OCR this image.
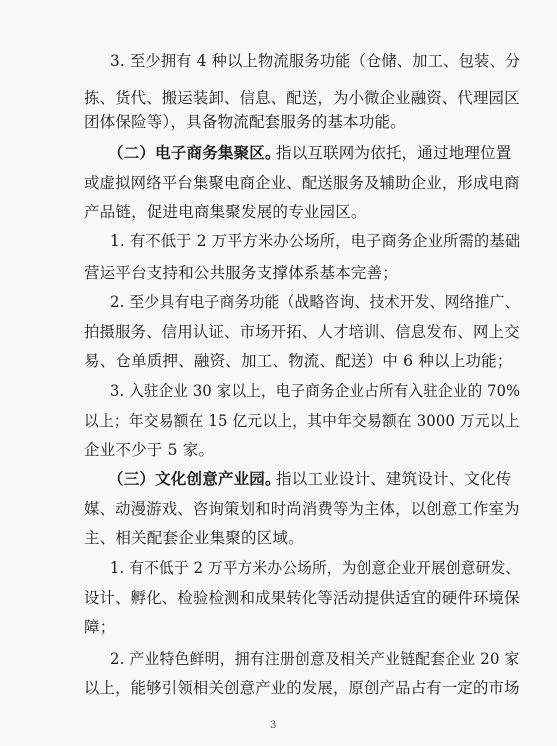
3. 至少拥有 4 种以上物流服务功能（仓储、加工、包装、分
拣、货代、搬运装卸、信息、配送，为小微企业融资、代理园区
团体保险等），具备物流配套服务的基本功能。
（二）电子商务集聚区。
指以互联网为依托，通过地理位置
或虚拟网络平台集聚电商企业、配送服务及辅助企业，形成电商
产品链，促进电商集聚发展的专业园区。
1. 有不低于 2 万平方米办公场所，电子商务企业所需的基础
营运平台支持和公共服务支撑体系基本完善；
2. 至少具有电子商务功能（战略咨询、技术开发、网络推广、
拍摄服务、信用认证、市场开拓、人才培训、信息发布、网上交
易、仓单质押、融资、加工、物流、配送）中 6 种以上功能；
3. 入驻企业 30 家以上，电子商务企业占所有入驻企业的 70%
以上；年交易额在 15 亿元以上，其中年交易额在 3000 万元以上
企业不少于 5 家。
（三）文化创意产业园。
指以工业设计、建筑设计、文化传
媒、动漫游戏、咨询策划和时尚消费等为主体，以创意工作室为
主、相关配套企业集聚的区域。
1. 有不低于 2 万平方米办公场所，为创意企业开展创意研发、
设计、孵化、检验检测和成果转化等活动提供适宜的硬件环境保
障；
2. 产业特色鲜明，拥有注册创意及相关产业链配套企业 20 家
以上，能够引领相关创意产业的发展，原创产品占有一定的市场
3
